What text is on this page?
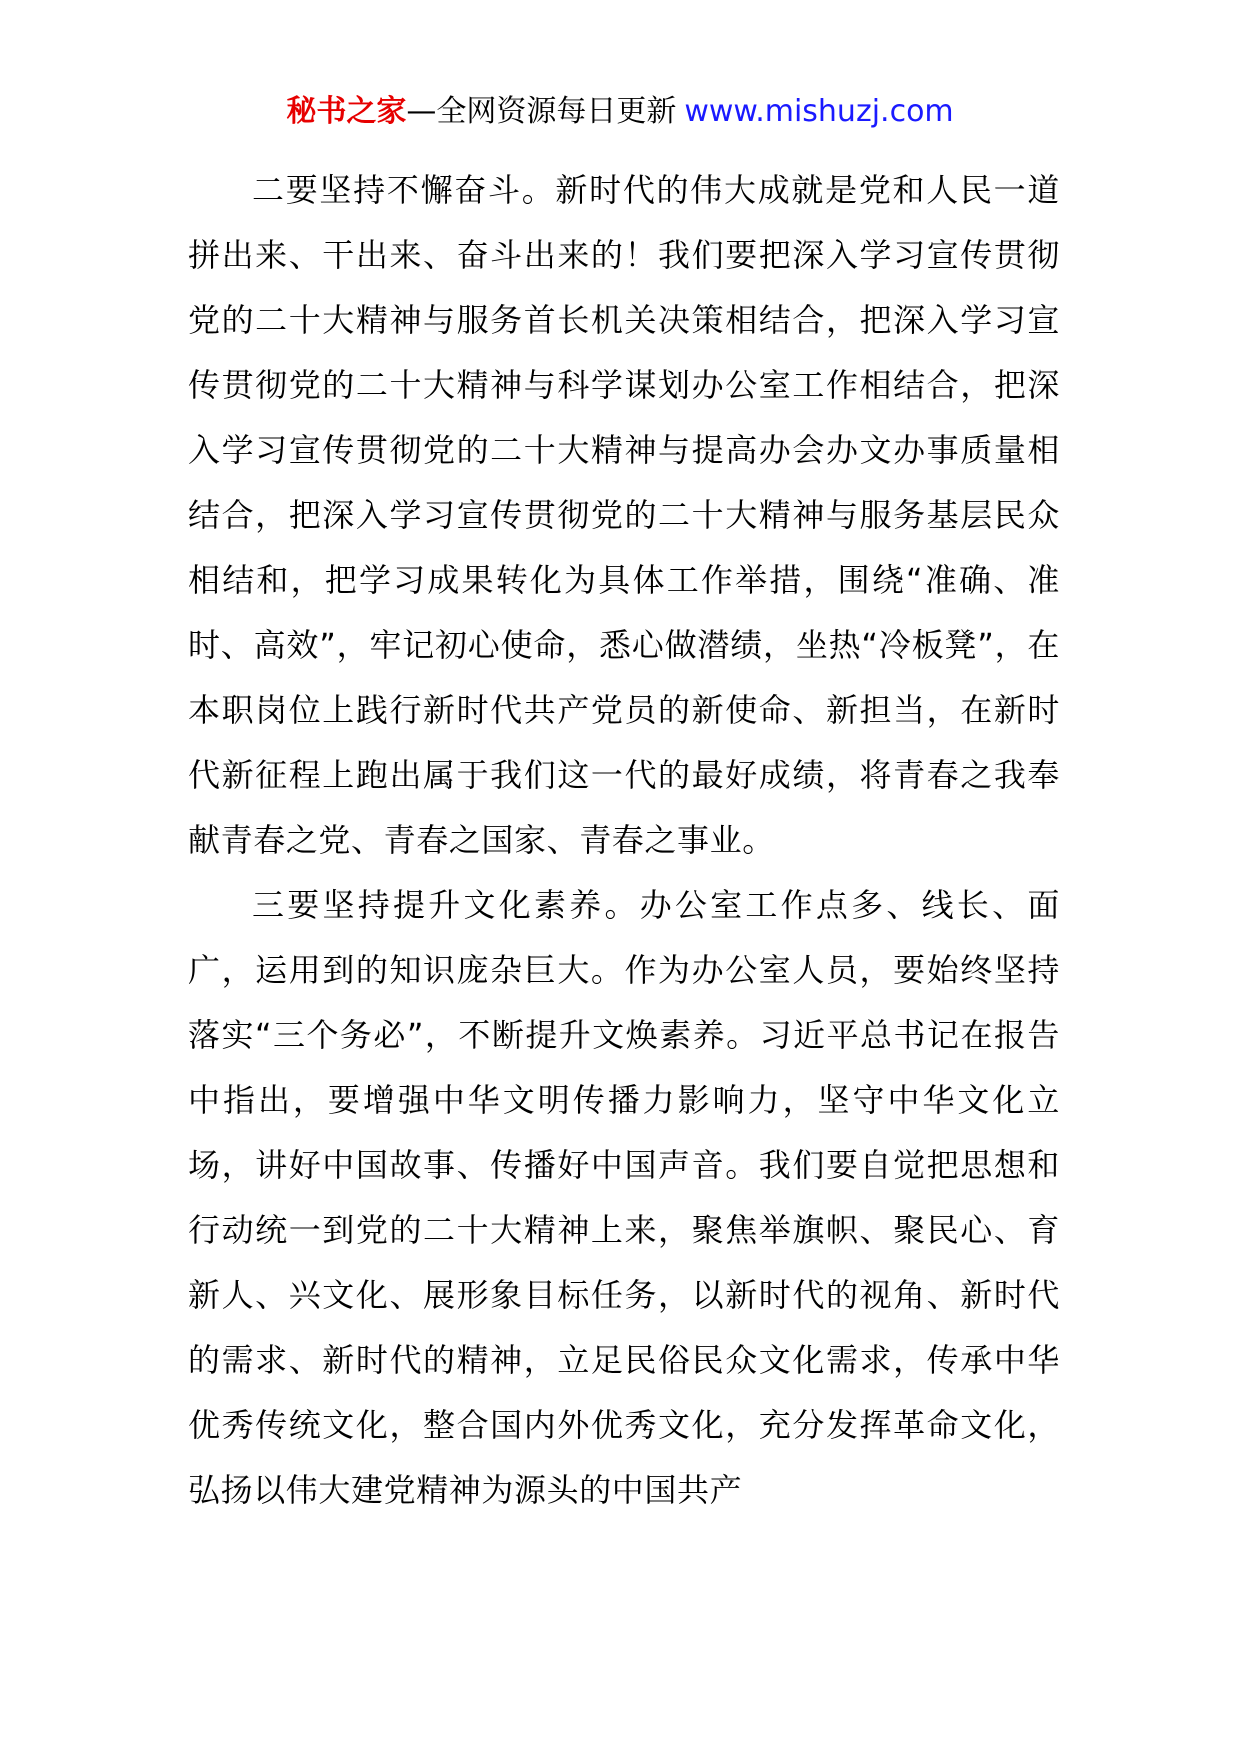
秘书之家—全网资源每日更新 www.mishuzj.com

二要坚持不懈奋斗。新时代的伟大成就是党和人民一道拼出来、干出来、奋斗出来的！我们要把深入学习宣传贯彻党的二十大精神与服务首长机关决策相结合，把深入学习宣传贯彻党的二十大精神与科学谋划办公室工作相结合，把深入学习宣传贯彻党的二十大精神与提高办会办文办事质量相结合，把深入学习宣传贯彻党的二十大精神与服务基层民众相结和，把学习成果转化为具体工作举措，围绕“准确、准时、高效”，牢记初心使命，悉心做潜绩，坐热“冷板凳”，在本职岗位上践行新时代共产党员的新使命、新担当，在新时代新征程上跑出属于我们这一代的最好成绩，将青春之我奉献青春之党、青春之国家、青春之事业。

三要坚持提升文化素养。办公室工作点多、线长、面广，运用到的知识庞杂巨大。作为办公室人员，要始终坚持落实“三个务必”，不断提升文焕素养。习近平总书记在报告中指出，要增强中华文明传播力影响力，坚守中华文化立场，讲好中国故事、传播好中国声音。我们要自觉把思想和行动统一到党的二十大精神上来，聚焦举旗帜、聚民心、育新人、兴文化、展形象目标任务，以新时代的视角、新时代的需求、新时代的精神，立足民俗民众文化需求，传承中华优秀传统文化，整合国内外优秀文化，充分发挥革命文化，弘扬以伟大建党精神为源头的中国共产
